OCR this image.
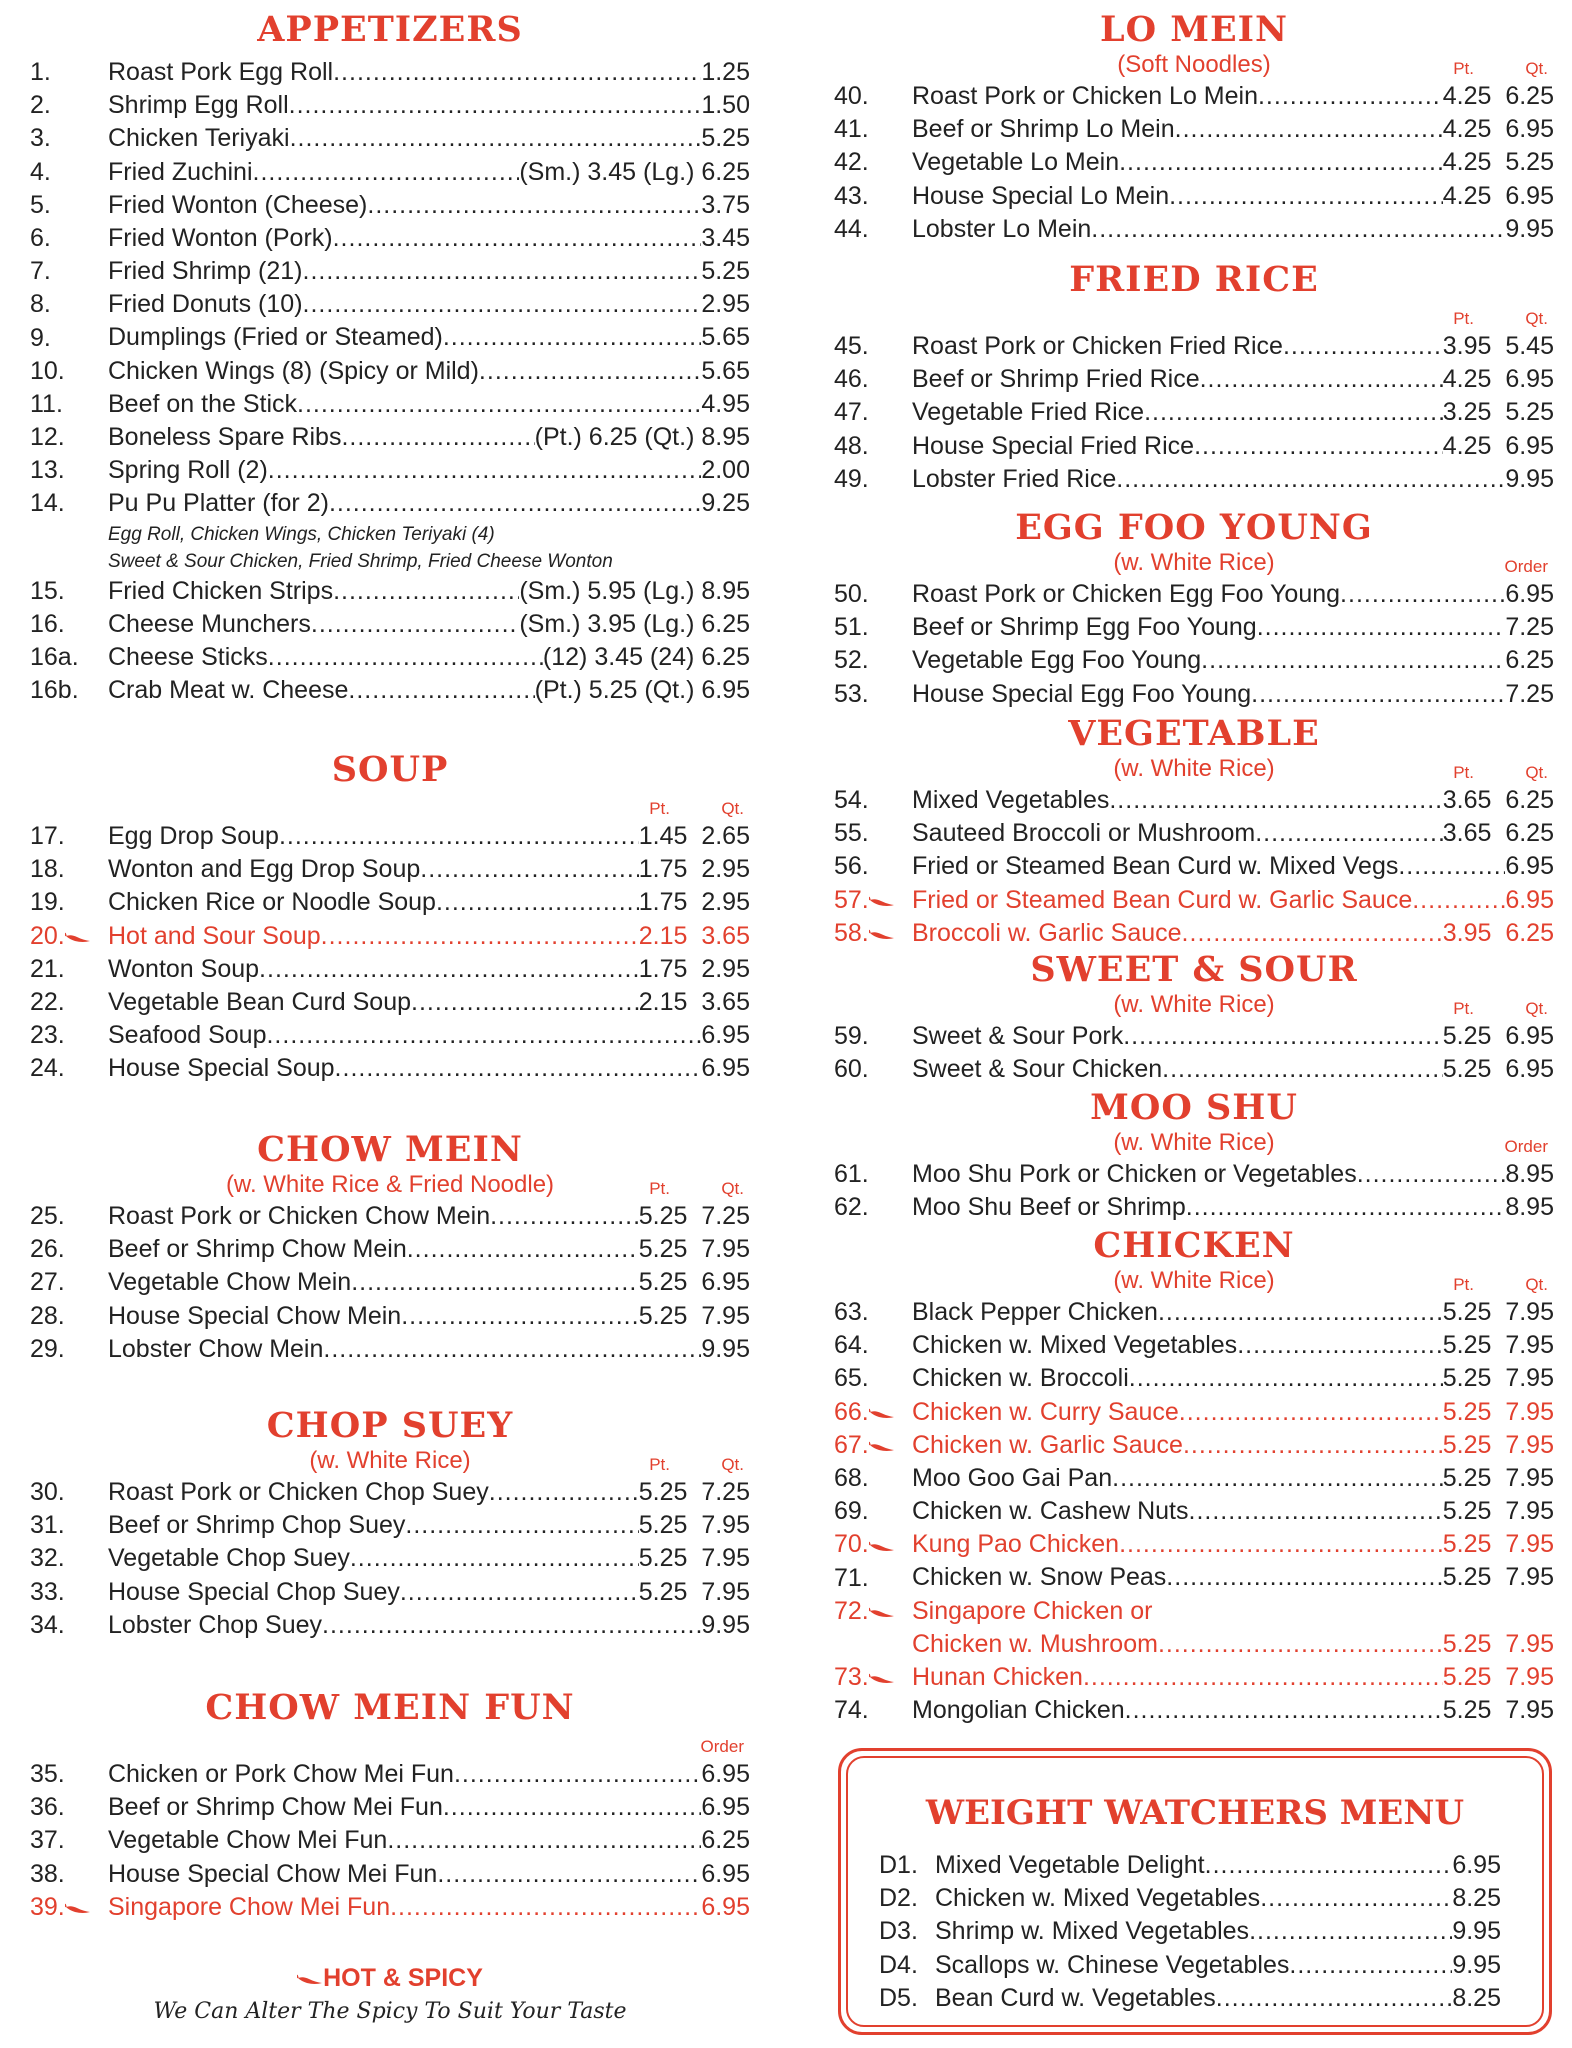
APPETIZERS
1.	Roast Pork Egg Roll .....	1.25
2.	Shrimp Egg Roll .....	1.50
3.	Chicken Teriyaki .....	5.25
4.	Fried Zuchini .....	(Sm.) 3.45 (Lg.) 6.25
5.	Fried Wonton (Cheese) .....	3.75
6.	Fried Wonton (Pork) .....	3.45
7.	Fried Shrimp (21) .....	5.25
8.	Fried Donuts (10) .....	2.95
9.	Dumplings (Fried or Steamed) .....	5.65
10.	Chicken Wings (8) (Spicy or Mild) .....	5.65
11.	Beef on the Stick .....	4.95
12.	Boneless Spare Ribs .....	(Pt.) 6.25 (Qt.) 8.95
13.	Spring Roll (2) .....	2.00
14.	Pu Pu Platter (for 2) .....	9.25
Egg Roll, Chicken Wings, Chicken Teriyaki (4)
Sweet & Sour Chicken, Fried Shrimp, Fried Cheese Wonton
15.	Fried Chicken Strips .....	(Sm.) 5.95 (Lg.) 8.95
16.	Cheese Munchers .....	(Sm.) 3.95 (Lg.) 6.25
16a.	Cheese Sticks .....	(12) 3.45 (24) 6.25
16b.	Crab Meat w. Cheese .....	(Pt.) 5.25 (Qt.) 6.95
SOUP
Pt.	Qt.
17.	Egg Drop Soup .....	1.45  2.65
18.	Wonton and Egg Drop Soup .....	1.75  2.95
19.	Chicken Rice or Noodle Soup .....	1.75  2.95
20.	Hot and Sour Soup .....	2.15  3.65
21.	Wonton Soup .....	1.75  2.95
22.	Vegetable Bean Curd Soup .....	2.15  3.65
23.	Seafood Soup .....	6.95
24.	House Special Soup .....	6.95
CHOW MEIN
(w. White Rice & Fried Noodle)	Pt.	Qt.
25.	Roast Pork or Chicken Chow Mein .....	5.25  7.25
26.	Beef or Shrimp Chow Mein .....	5.25  7.95
27.	Vegetable Chow Mein .....	5.25  6.95
28.	House Special Chow Mein .....	5.25  7.95
29.	Lobster Chow Mein .....	9.95
CHOP SUEY
(w. White Rice)	Pt.	Qt.
30.	Roast Pork or Chicken Chop Suey .....	5.25  7.25
31.	Beef or Shrimp Chop Suey .....	5.25  7.95
32.	Vegetable Chop Suey .....	5.25  7.95
33.	House Special Chop Suey .....	5.25  7.95
34.	Lobster Chop Suey .....	9.95
CHOW MEIN FUN
Order
35.	Chicken or Pork Chow Mei Fun .....	6.95
36.	Beef or Shrimp Chow Mei Fun .....	6.95
37.	Vegetable Chow Mei Fun .....	6.25
38.	House Special Chow Mei Fun .....	6.95
39.	Singapore Chow Mei Fun .....	6.95
LO MEIN
(Soft Noodles)	Pt.	Qt.
40.	Roast Pork or Chicken Lo Mein .....	4.25  6.25
41.	Beef or Shrimp Lo Mein .....	4.25  6.95
42.	Vegetable Lo Mein .....	4.25  5.25
43.	House Special Lo Mein .....	4.25  6.95
44.	Lobster Lo Mein .....	9.95
FRIED RICE
Pt.	Qt.
45.	Roast Pork or Chicken Fried Rice .....	3.95  5.45
46.	Beef or Shrimp Fried Rice .....	4.25  6.95
47.	Vegetable Fried Rice .....	3.25  5.25
48.	House Special Fried Rice .....	4.25  6.95
49.	Lobster Fried Rice .....	9.95
EGG FOO YOUNG
(w. White Rice)	Order
50.	Roast Pork or Chicken Egg Foo Young .....	6.95
51.	Beef or Shrimp Egg Foo Young .....	7.25
52.	Vegetable Egg Foo Young .....	6.25
53.	House Special Egg Foo Young .....	7.25
VEGETABLE
(w. White Rice)	Pt.	Qt.
54.	Mixed Vegetables .....	3.65  6.25
55.	Sauteed Broccoli or Mushroom .....	3.65  6.25
56.	Fried or Steamed Bean Curd w. Mixed Vegs .....	6.95
57.	Fried or Steamed Bean Curd w. Garlic Sauce .....	6.95
58.	Broccoli w. Garlic Sauce .....	3.95  6.25
SWEET & SOUR
(w. White Rice)	Pt.	Qt.
59.	Sweet & Sour Pork .....	5.25  6.95
60.	Sweet & Sour Chicken .....	5.25  6.95
MOO SHU
(w. White Rice)	Order
61.	Moo Shu Pork or Chicken or Vegetables .....	8.95
62.	Moo Shu Beef or Shrimp .....	8.95
CHICKEN
(w. White Rice)	Pt.	Qt.
63.	Black Pepper Chicken .....	5.25  7.95
64.	Chicken w. Mixed Vegetables .....	5.25  7.95
65.	Chicken w. Broccoli .....	5.25  7.95
66.	Chicken w. Curry Sauce .....	5.25  7.95
67.	Chicken w. Garlic Sauce .....	5.25  7.95
68.	Moo Goo Gai Pan .....	5.25  7.95
69.	Chicken w. Cashew Nuts .....	5.25  7.95
70.	Kung Pao Chicken .....	5.25  7.95
71.	Chicken w. Snow Peas .....	5.25  7.95
72.	Singapore Chicken or
Chicken w. Mushroom .....	5.25  7.95
73.	Hunan Chicken .....	5.25  7.95
74.	Mongolian Chicken .....	5.25  7.95
WEIGHT WATCHERS MENU
D1. Mixed Vegetable Delight .....	6.95
D2. Chicken w. Mixed Vegetables .....	8.25
D3. Shrimp w. Mixed Vegetables .....	9.95
D4. Scallops w. Chinese Vegetables .....	9.95
D5. Bean Curd w. Vegetables .....	8.25
HOT & SPICY
We Can Alter The Spicy To Suit Your Taste
